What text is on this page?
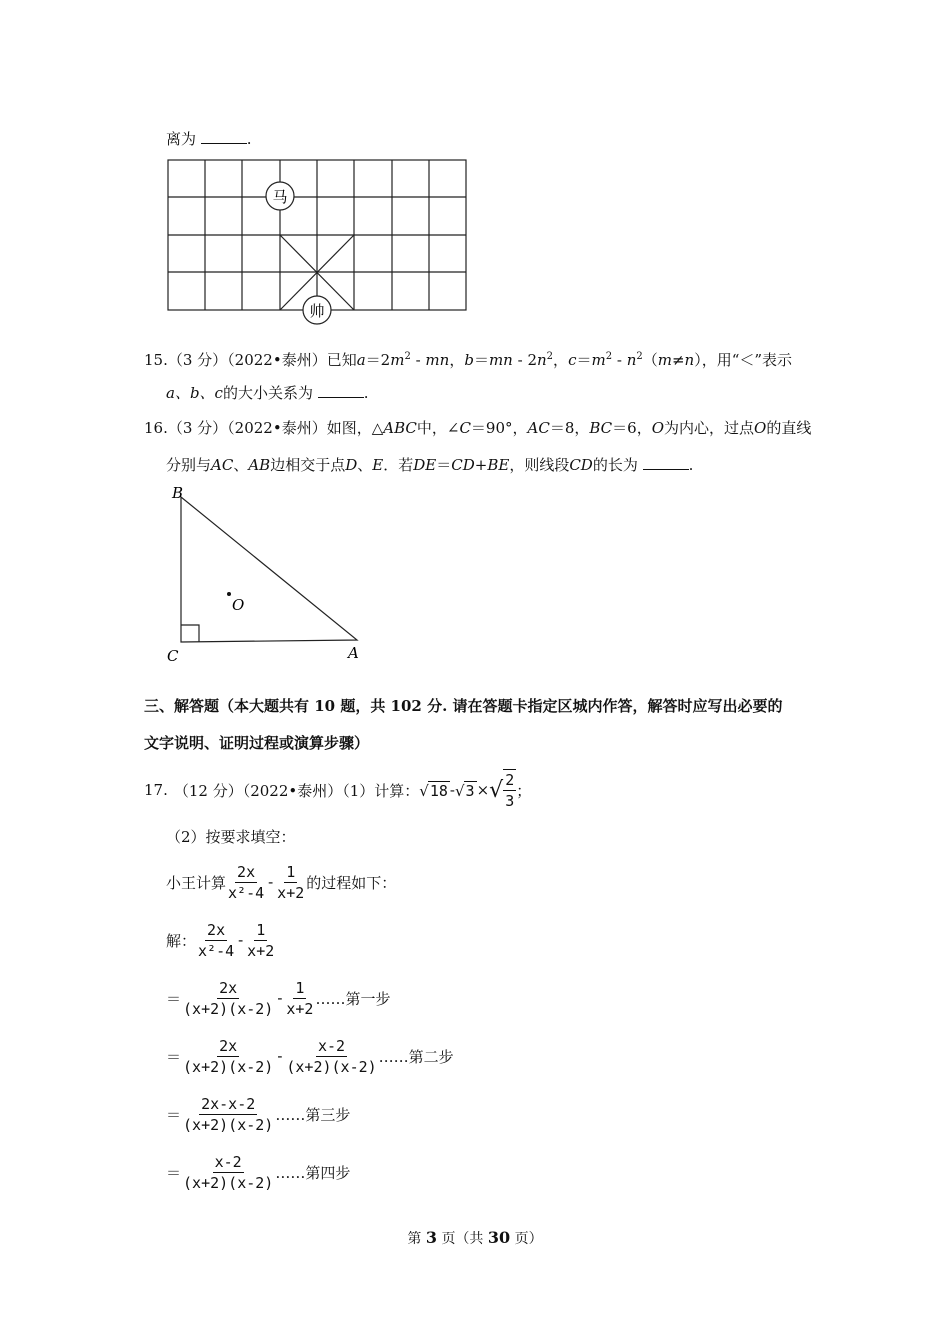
离为	.
马
帅
15.（3 分）（2022•泰州）已知$a=2m^2$ ‑ mn，b＝mn ‑ $2n^2$，$c=m^2$ ‑ $n^2(m\ne n)$，用“＜”表示
a、b、c的大小关系为	.
16.（3 分）（2022•泰州）如图，△ABC中，∠C＝90°，AC＝8，BC＝6，O为内心，过点O的直线
分别与AC、AB边相交于点D、E．若DE＝CD+BE，则线段CD的长为	.
B
C	A
O
三、解答题（本大题共有 10 题，共 102 分. 请在答题卡指定区城内作答，解答时应写出必要的
文字说明、证明过程或演算步骤）
17. （12 分）（2022•泰州）（1）计算： √18 - √3 × √ $\frac{2}{3}$ ；
（2）按要求填空：
小王计算 $\frac{2x}{\text{x²-4}} - \frac{1}{x+2}$ 的过程如下：
解： $\frac{2x}{\text{x²-4}} - \frac{1}{x+2}$
＝ $\frac{2x}{(x+2)(x-2)} - \frac{1}{x+2}$ ……第一步
＝ $\frac{2x}{(x+2)(x-2)} - \frac{x-2}{(x+2)(x-2)}$ ……第二步
＝ $\frac{2x-x-2}{(x+2)(x-2)}$ ……第三步
＝ $\frac{x-2}{(x+2)(x-2)}$ ……第四步
第 3 页（共 30 页）
